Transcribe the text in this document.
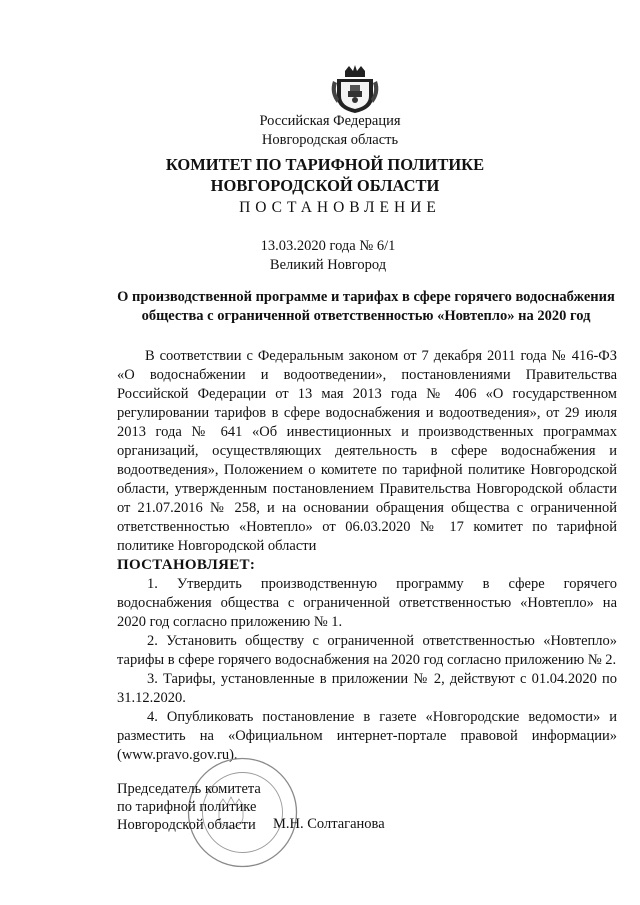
Российская Федерация
Новгородская область
КОМИТЕТ ПО ТАРИФНОЙ ПОЛИТИКЕ НОВГОРОДСКОЙ ОБЛАСТИ
ПОСТАНОВЛЕНИЕ
13.03.2020 года № 6/1
Великий Новгород
О производственной программе и тарифах в сфере горячего водоснабжения общества с ограниченной ответственностью «Новтепло» на 2020 год

В соответствии с Федеральным законом от 7 декабря 2011 года № 416-ФЗ «О водоснабжении и водоотведении», постановлениями Правительства Российской Федерации от 13 мая 2013 года № 406 «О государственном регулировании тарифов в сфере водоснабжения и водоотведения», от 29 июля 2013 года № 641 «Об инвестиционных и производственных программах организаций, осуществляющих деятельность в сфере водоснабжения и водоотведения», Положением о комитете по тарифной политике Новгородской области, утвержденным постановлением Правительства Новгородской области от 21.07.2016 № 258, и на основании обращения общества с ограниченной ответственностью «Новтепло» от 06.03.2020 № 17 комитет по тарифной политике Новгородской области

ПОСТАНОВЛЯЕТ:

1. Утвердить производственную программу в сфере горячего водоснабжения общества с ограниченной ответственностью «Новтепло» на 2020 год согласно приложению № 1.

2. Установить обществу с ограниченной ответственностью «Новтепло» тарифы в сфере горячего водоснабжения на 2020 год согласно приложению № 2.

3. Тарифы, установленные в приложении № 2, действуют с 01.04.2020 по 31.12.2020.

4. Опубликовать постановление в газете «Новгородские ведомости» и разместить на «Официальном интернет-портале правовой информации» (www.pravo.gov.ru).

Председатель комитета
по тарифной политике
Новгородской области	М.Н. Солтаганова
